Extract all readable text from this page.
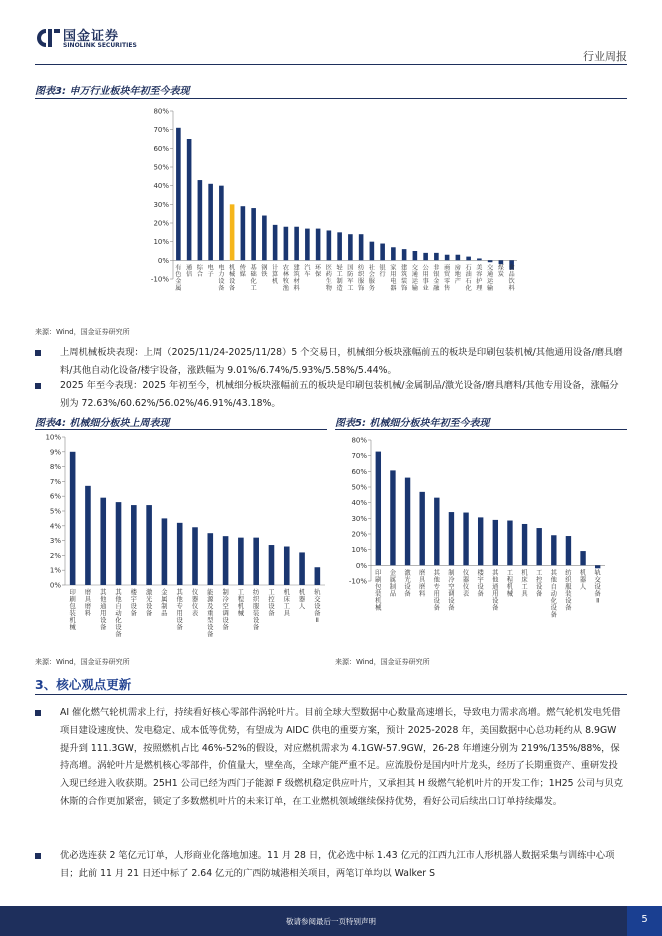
国金证券
SINOLINK SECURITIES
行业周报
图表3: 申万行业板块年初至今表现
80%
70%
60%
50%
40%
30%
20%
10%
0%
-10%
有色金属
通信
综合
电子
电力设备
机械设备
传媒
基础化工
钢铁
计算机
农林牧渔
建筑材料
汽车
环保
医药生物
轻工制造
国防军工
纺织服饰
社会服务
银行
家用电器
建筑装饰
交通运输
公用事业
非银金融
商贸零售
房地产
石油石化
美容护理
交通运输
煤炭
食品饮料
来源：Wind，国金证券研究所
上周机械板块表现：上周（2025/11/24-2025/11/28）5 个交易日，机械细分板块涨幅前五的板块是印刷包装机械/其他通用设备/磨具磨料/其他自动化设备/楼宇设备，涨跌幅为 9.01%/6.74%/5.93%/5.58%/5.44%。
2025 年至今表现：2025 年初至今，机械细分板块涨幅前五的板块是印刷包装机械/金属制品/激光设备/磨具磨料/其他专用设备，涨幅分别为 72.63%/60.62%/56.02%/46.91%/43.18%。
图表4: 机械细分板块上周表现
10%
9%
8%
7%
6%
5%
4%
3%
2%
1%
0%
印刷包装机械
磨具磨料
其他通用设备
其他自动化设备
楼宇设备
激光设备
金属制品
其他专用设备
仪器仪表
能源及重型设备
制冷空调设备
工程机械
纺织服装设备
工控设备
机床工具
机器人
轨交设备 Ⅱ
来源：Wind，国金证券研究所
图表5: 机械细分板块年初至今表现
80%
70%
60%
50%
40%
30%
20%
10%
0%
-10%
印刷包装机械
金属制品
激光设备
磨具磨料
其他专用设备
制冷空调设备
仪器仪表
楼宇设备
其他通用设备
工程机械
机床工具
工控设备
其他自动化设备
纺织服装设备
机器人
轨交设备 Ⅱ
来源：Wind，国金证券研究所
3、核心观点更新
AI 催化燃气轮机需求上行，持续看好核心零部件涡轮叶片。目前全球大型数据中心数量高速增长，导致电力需求高增。燃气轮机发电凭借项目建设速度快、发电稳定、成本低等优势，有望成为 AIDC 供电的重要方案，预计 2025-2028 年，美国数据中心总功耗约从 8.9GW 提升到 111.3GW，按照燃机占比 46%-52%的假设，对应燃机需求为 4.1GW-57.9GW，26-28 年增速分别为 219%/135%/88%，保持高增。涡轮叶片是燃机核心零部件，价值量大，壁垒高，全球产能严重不足。应流股份是国内叶片龙头，经历了长期重资产、重研发投入现已经进入收获期。25H1 公司已经为西门子能源 F 级燃机稳定供应叶片，又承担其 H 级燃气轮机叶片的开发工作；1H25 公司与贝克休斯的合作更加紧密，锁定了多数燃机叶片的未来订单，在工业燃机领域继续保持优势，看好公司后续出口订单持续爆发。
优必选连获 2 笔亿元订单，人形商业化落地加速。11 月 28 日，优必选中标 1.43 亿元的江西九江市人形机器人数据采集与训练中心项目；此前 11 月 21 日还中标了 2.64 亿元的广西防城港相关项目，两笔订单均以 Walker S
敬请参阅最后一页特别声明	5
